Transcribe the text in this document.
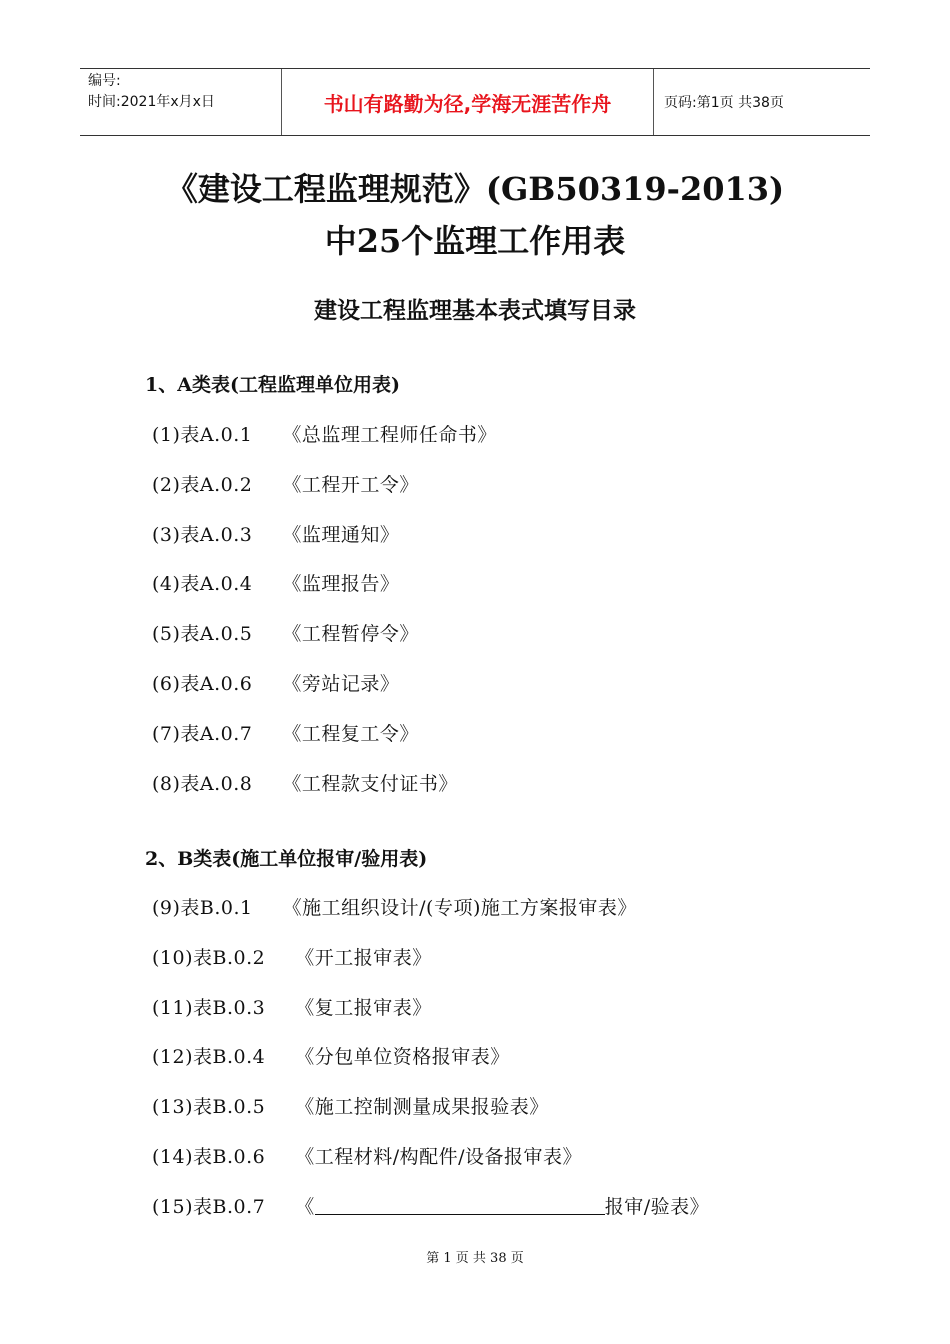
编号:
时间:2021年x月x日	书山有路勤为径,学海无涯苦作舟	页码:第1页 共38页
《建设工程监理规范》(GB50319-2013)
中25个监理工作用表
建设工程监理基本表式填写目录
1、A类表(工程监理单位用表)
(1)表A.0.1 《总监理工程师任命书》
(2)表A.0.2 《工程开工令》
(3)表A.0.3 《监理通知》
(4)表A.0.4 《监理报告》
(5)表A.0.5 《工程暂停令》
(6)表A.0.6 《旁站记录》
(7)表A.0.7 《工程复工令》
(8)表A.0.8 《工程款支付证书》
2、B类表(施工单位报审/验用表)
(9)表B.0.1 《施工组织设计/(专项)施工方案报审表》
(10)表B.0.2 《开工报审表》
(11)表B.0.3 《复工报审表》
(12)表B.0.4 《分包单位资格报审表》
(13)表B.0.5 《施工控制测量成果报验表》
(14)表B.0.6 《工程材料/构配件/设备报审表》
(15)表B.0.7 《	报审/验表》
第 1 页 共 38 页
